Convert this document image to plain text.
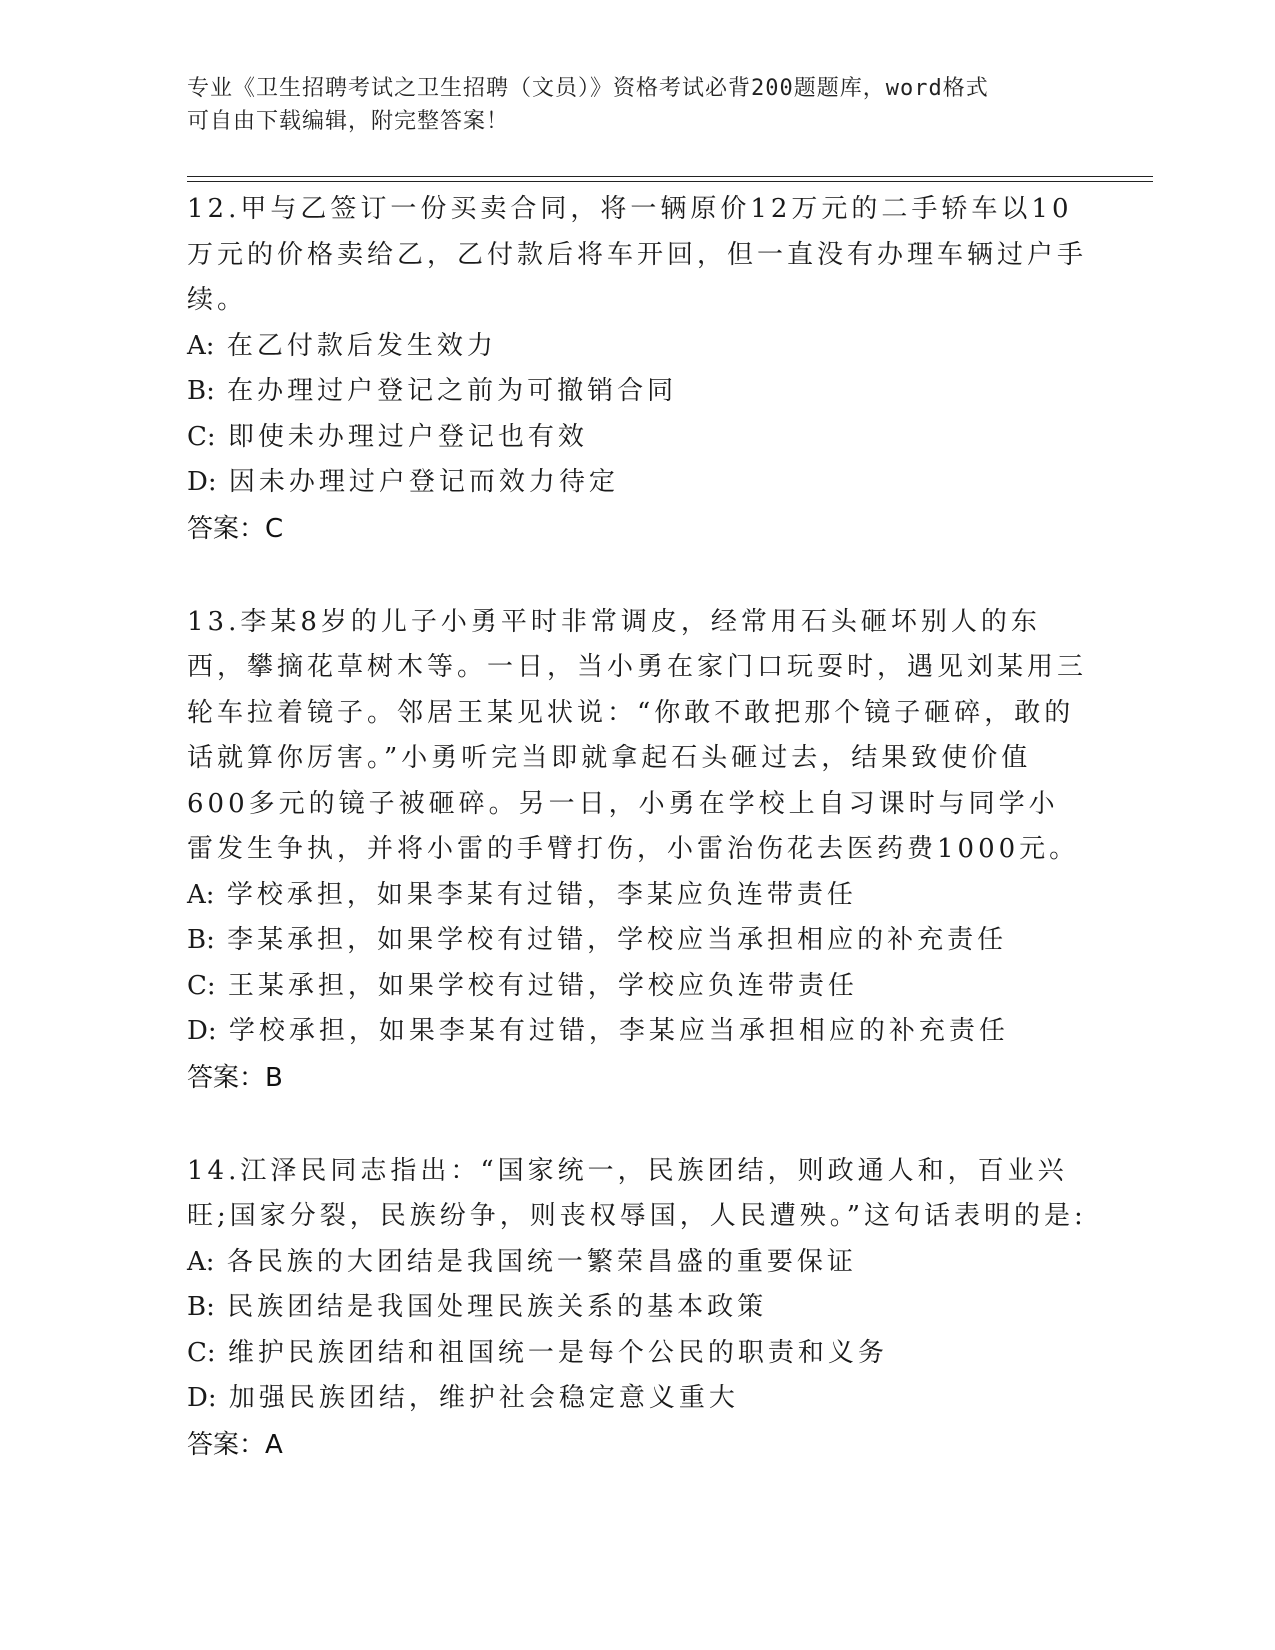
专业《卫生招聘考试之卫生招聘（文员）》资格考试必背200题题库，word格式
可自由下载编辑，附完整答案！

12.甲与乙签订一份买卖合同，将一辆原价12万元的二手轿车以10万元的价格卖给乙，乙付款后将车开回，但一直没有办理车辆过户手续。

A: 在乙付款后发生效力

B: 在办理过户登记之前为可撤销合同

C: 即使未办理过户登记也有效

D: 因未办理过户登记而效力待定

答案：C

13.李某8岁的儿子小勇平时非常调皮，经常用石头砸坏别人的东西，攀摘花草树木等。一日，当小勇在家门口玩耍时，遇见刘某用三轮车拉着镜子。邻居王某见状说：“你敢不敢把那个镜子砸碎，敢的话就算你厉害。”小勇听完当即就拿起石头砸过去，结果致使价值600多元的镜子被砸碎。另一日，小勇在学校上自习课时与同学小雷发生争执，并将小雷的手臂打伤，小雷治伤花去医药费1000元。

A: 学校承担，如果李某有过错，李某应负连带责任

B: 李某承担，如果学校有过错，学校应当承担相应的补充责任

C: 王某承担，如果学校有过错，学校应负连带责任

D: 学校承担，如果李某有过错，李某应当承担相应的补充责任

答案：B

14.江泽民同志指出：“国家统一，民族团结，则政通人和，百业兴旺;国家分裂，民族纷争，则丧权辱国，人民遭殃。”这句话表明的是:

A: 各民族的大团结是我国统一繁荣昌盛的重要保证

B: 民族团结是我国处理民族关系的基本政策

C: 维护民族团结和祖国统一是每个公民的职责和义务

D: 加强民族团结，维护社会稳定意义重大

答案：A
